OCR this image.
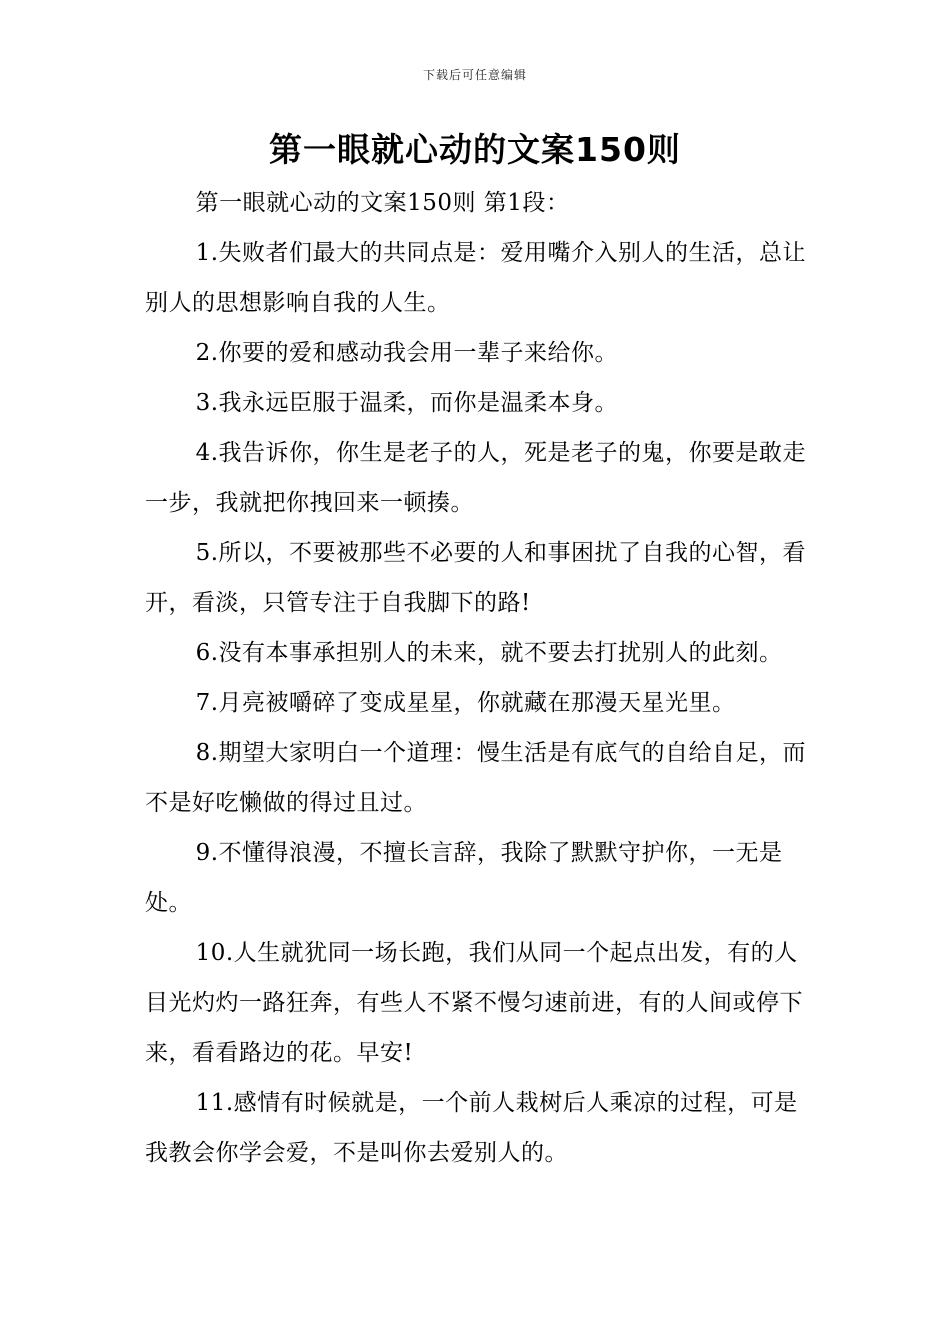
下载后可任意编辑
第一眼就心动的文案150则

第一眼就心动的文案150则 第1段：

1.失败者们最大的共同点是：爱用嘴介入别人的生活，总让别人的思想影响自我的人生。

2.你要的爱和感动我会用一辈子来给你。

3.我永远臣服于温柔，而你是温柔本身。

4.我告诉你，你生是老子的人，死是老子的鬼，你要是敢走一步，我就把你拽回来一顿揍。

5.所以，不要被那些不必要的人和事困扰了自我的心智，看开，看淡，只管专注于自我脚下的路!

6.没有本事承担别人的未来，就不要去打扰别人的此刻。

7.月亮被嚼碎了变成星星，你就藏在那漫天星光里。

8.期望大家明白一个道理：慢生活是有底气的自给自足，而不是好吃懒做的得过且过。

9.不懂得浪漫，不擅长言辞，我除了默默守护你，一无是处。

10.人生就犹同一场长跑，我们从同一个起点出发，有的人目光灼灼一路狂奔，有些人不紧不慢匀速前进，有的人间或停下来，看看路边的花。早安!

11.感情有时候就是，一个前人栽树后人乘凉的过程，可是我教会你学会爱，不是叫你去爱别人的。
